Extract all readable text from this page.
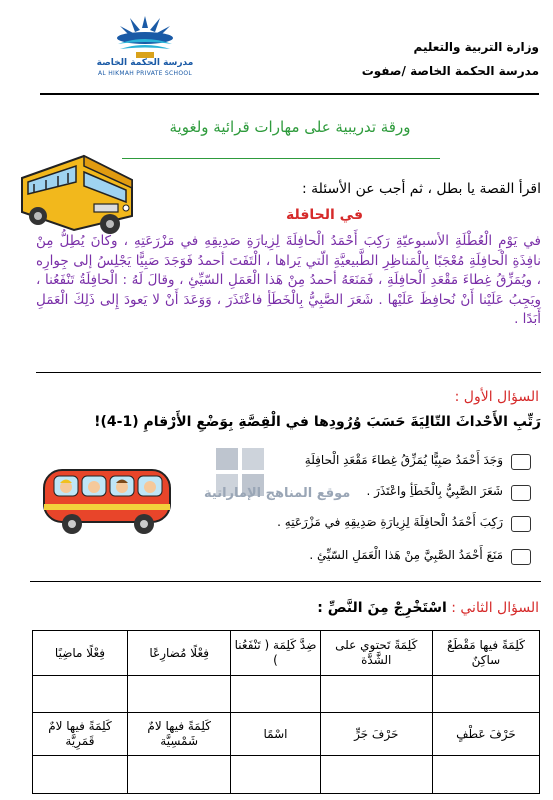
وزارة التربية والتعليم
مدرسة الحكمة الخاصة /صفوت
مدرسة الحكمة الخاصة
AL HIKMAH PRIVATE SCHOOL
ورقة تدريبية على مهارات قرائية ولغوية
اقرأ القصة يا بطل ، ثم أجب عن الأسئلة :
في الحافلة
في يَوْمِ الْعُطْلَةِ الأسبوعيّةِ رَكِبَ أَحْمَدُ الْحافِلَةَ لِزِيارَةِ صَدِيقِهِ في مَزْرَعَتِهِ ، وكانَ يُطِلُّ مِنْ نافِذَةِ الْحافِلَةِ مُعْجَبًا بِالْمَناظِرِ الطَّبيعيَّةِ الّتي يَراها ، الْتَفَتَ أحمدُ فَوَجَدَ صَبِيًّا يَجْلِسُ إلى جِوارِه ، ويُمَزِّقُ غِطاءَ مَقْعَدِ الْحافِلَةِ ، فَمَنَعَهُ أحمدُ مِنْ هَذا الْعَمَلِ السّيِّئِ ، وقالَ لَهُ : الْحافِلَةُ تَنْفَعُنا ، ويَجِبُ عَلَيْنا أَنْ نُحافِظَ عَلَيْها . شَعَرَ الصَّبِيُّ بِالْخَطَأِ فاعْتَذَرَ ، وَوَعَدَ أَنْ لا يَعودَ إِلى ذَلِكَ الْعَمَلِ أَبَدًا .
السؤال الأول :
رَتِّبِ الأَحْداثَ التّالِيَةَ حَسَبَ وُرُودِها في الْقِصَّةِ بِوَضْعِ الأَرْقامِ (1-4)!
وَجَدَ أَحْمَدُ صَبِيًّا يُمَزِّقُ غِطاءَ مَقْعَدِ الْحافِلَةِ
شَعَرَ الصَّبِيُّ بِالْخَطَأِ واعْتَذَرَ .
رَكِبَ أَحْمَدُ الْحافِلَةَ لِزِيارَةِ صَدِيقِهِ في مَزْرَعَتِهِ .
مَنَعَ أَحْمَدُ الصَّبِيَّ مِنْ هَذا الْعَمَلِ السّيِّئِ .
موقع المناهج الإماراتية
السؤال الثاني : اسْتَخْرِجْ مِنَ النَّصِّ :
كَلِمَةً فيها مَقْطَعٌ ساكِنٌ	كَلِمَةً تَحتوي على الشَّدَّة	ضِدَّ كَلِمَة ( تَنْفَعُنا )	فِعْلًا مُضارِعًا	فِعْلًا ماضِيًا

حَرْفَ عَطْفٍ	حَرْفَ جَرٍّ	اسْمًا	كَلِمَةً فيها لامٌ شَمْسِيَّة	كَلِمَةً فيها لامٌ قَمَرِيَّة
